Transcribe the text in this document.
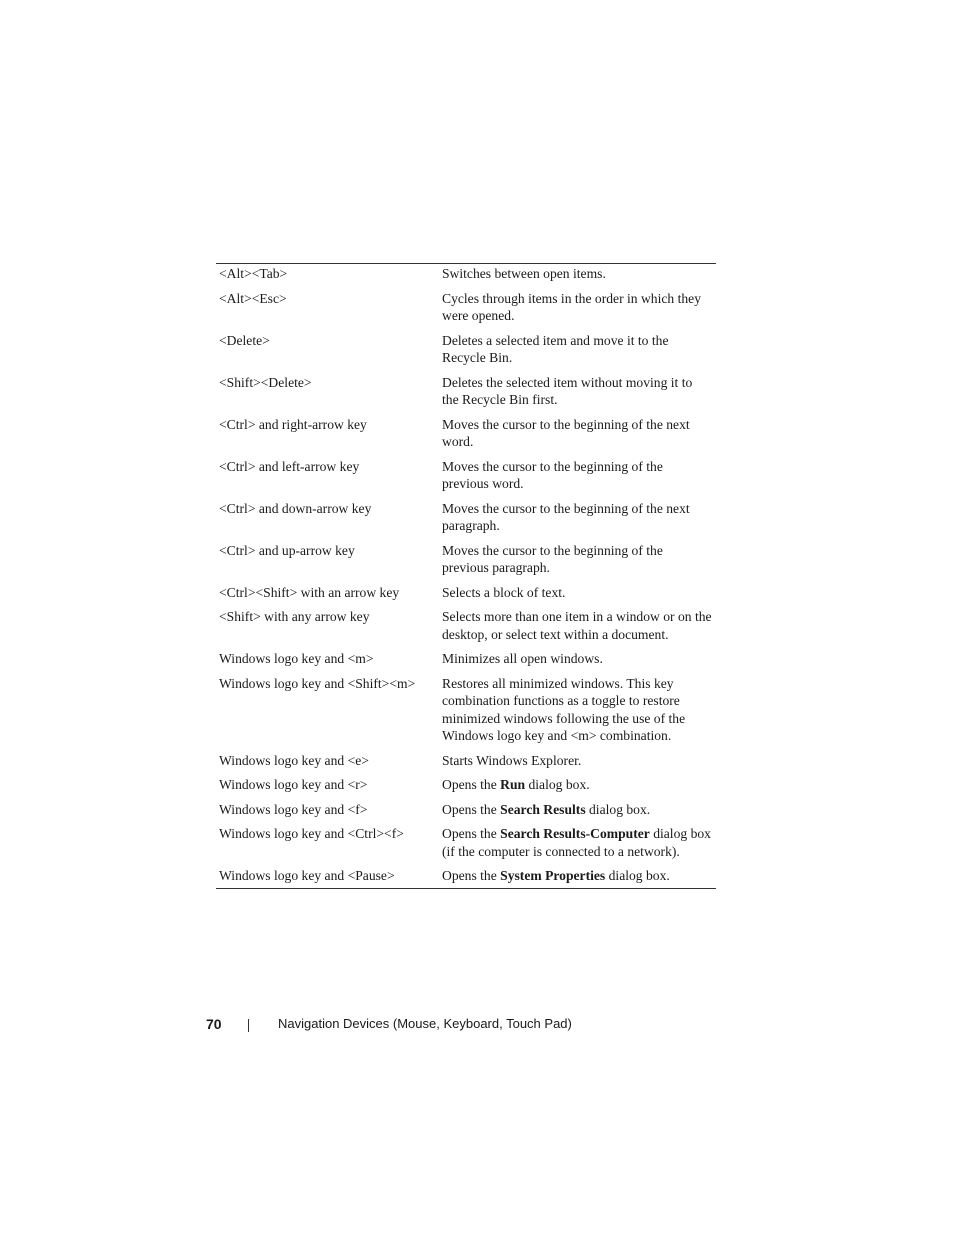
<Alt><Tab>	Switches between open items.
<Alt><Esc>	Cycles through items in the order in which they were opened.
<Delete>	Deletes a selected item and move it to the Recycle Bin.
<Shift><Delete>	Deletes the selected item without moving it to the Recycle Bin first.
<Ctrl> and right-arrow key	Moves the cursor to the beginning of the next word.
<Ctrl> and left-arrow key	Moves the cursor to the beginning of the previous word.
<Ctrl> and down-arrow key	Moves the cursor to the beginning of the next paragraph.
<Ctrl> and up-arrow key	Moves the cursor to the beginning of the previous paragraph.
<Ctrl><Shift> with an arrow key	Selects a block of text.
<Shift> with any arrow key	Selects more than one item in a window or on the desktop, or select text within a document.
Windows logo key and <m>	Minimizes all open windows.
Windows logo key and <Shift><m>	Restores all minimized windows. This key combination functions as a toggle to restore minimized windows following the use of the Windows logo key and <m> combination.
Windows logo key and <e>	Starts Windows Explorer.
Windows logo key and <r>	Opens the Run dialog box.
Windows logo key and <f>	Opens the Search Results dialog box.
Windows logo key and <Ctrl><f>	Opens the Search Results-Computer dialog box (if the computer is connected to a network).
Windows logo key and <Pause>	Opens the System Properties dialog box.
70	Navigation Devices (Mouse, Keyboard, Touch Pad)
